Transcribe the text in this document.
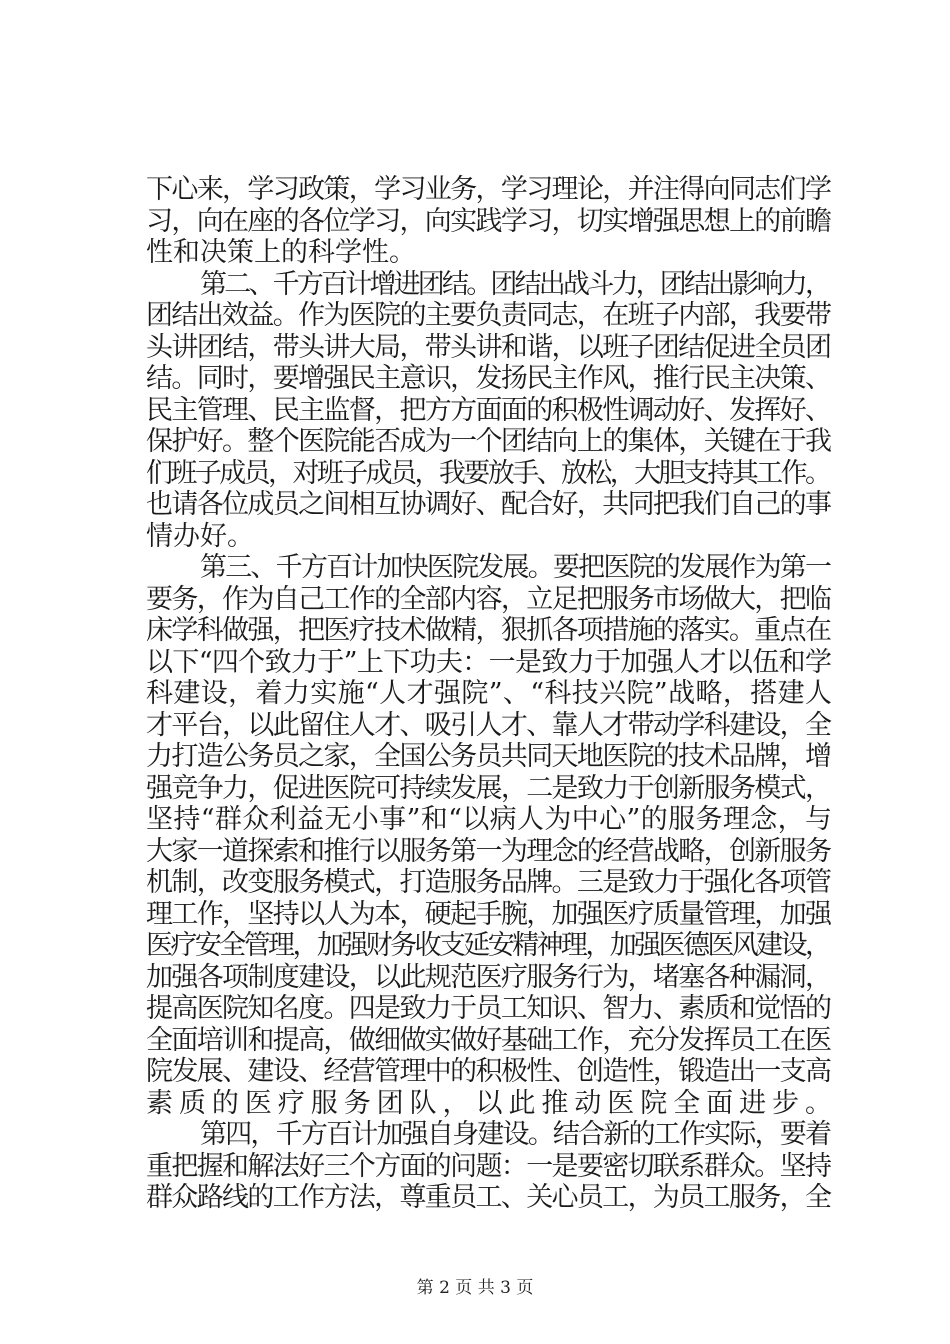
下心来，学习政策，学习业务，学习理论，并注得向同志们学
习，向在座的各位学习，向实践学习，切实增强思想上的前瞻
性和决策上的科学性。
第二、千方百计增进团结。团结出战斗力，团结出影响力，
团结出效益。作为医院的主要负责同志，在班子内部，我要带
头讲团结，带头讲大局，带头讲和谐，以班子团结促进全员团
结。同时，要增强民主意识，发扬民主作风，推行民主决策、
民主管理、民主监督，把方方面面的积极性调动好、发挥好、
保护好。整个医院能否成为一个团结向上的集体，关键在于我
们班子成员，对班子成员，我要放手、放松，大胆支持其工作。
也请各位成员之间相互协调好、配合好，共同把我们自己的事
情办好。
第三、千方百计加快医院发展。要把医院的发展作为第一
要务，作为自己工作的全部内容，立足把服务市场做大，把临
床学科做强，把医疗技术做精，狠抓各项措施的落实。重点在
以下“四个致力于”上下功夫：一是致力于加强人才以伍和学
科建设，着力实施“人才强院”、“科技兴院”战略，搭建人
才平台，以此留住人才、吸引人才、靠人才带动学科建设，全
力打造公务员之家，全国公务员共同天地医院的技术品牌，增
强竞争力，促进医院可持续发展，二是致力于创新服务模式，
坚持“群众利益无小事”和“以病人为中心”的服务理念，与
大家一道探索和推行以服务第一为理念的经营战略，创新服务
机制，改变服务模式，打造服务品牌。三是致力于强化各项管
理工作，坚持以人为本，硬起手腕，加强医疗质量管理，加强
医疗安全管理，加强财务收支延安精神理，加强医德医风建设，
加强各项制度建设，以此规范医疗服务行为，堵塞各种漏洞，
提高医院知名度。四是致力于员工知识、智力、素质和觉悟的
全面培训和提高，做细做实做好基础工作，充分发挥员工在医
院发展、建设、经营管理中的积极性、创造性，锻造出一支高
素质的医疗服务团队，以此推动医院全面进步。
第四，千方百计加强自身建设。结合新的工作实际，要着
重把握和解法好三个方面的问题：一是要密切联系群众。坚持
群众路线的工作方法，尊重员工、关心员工，为员工服务，全
第 2 页 共 3 页
